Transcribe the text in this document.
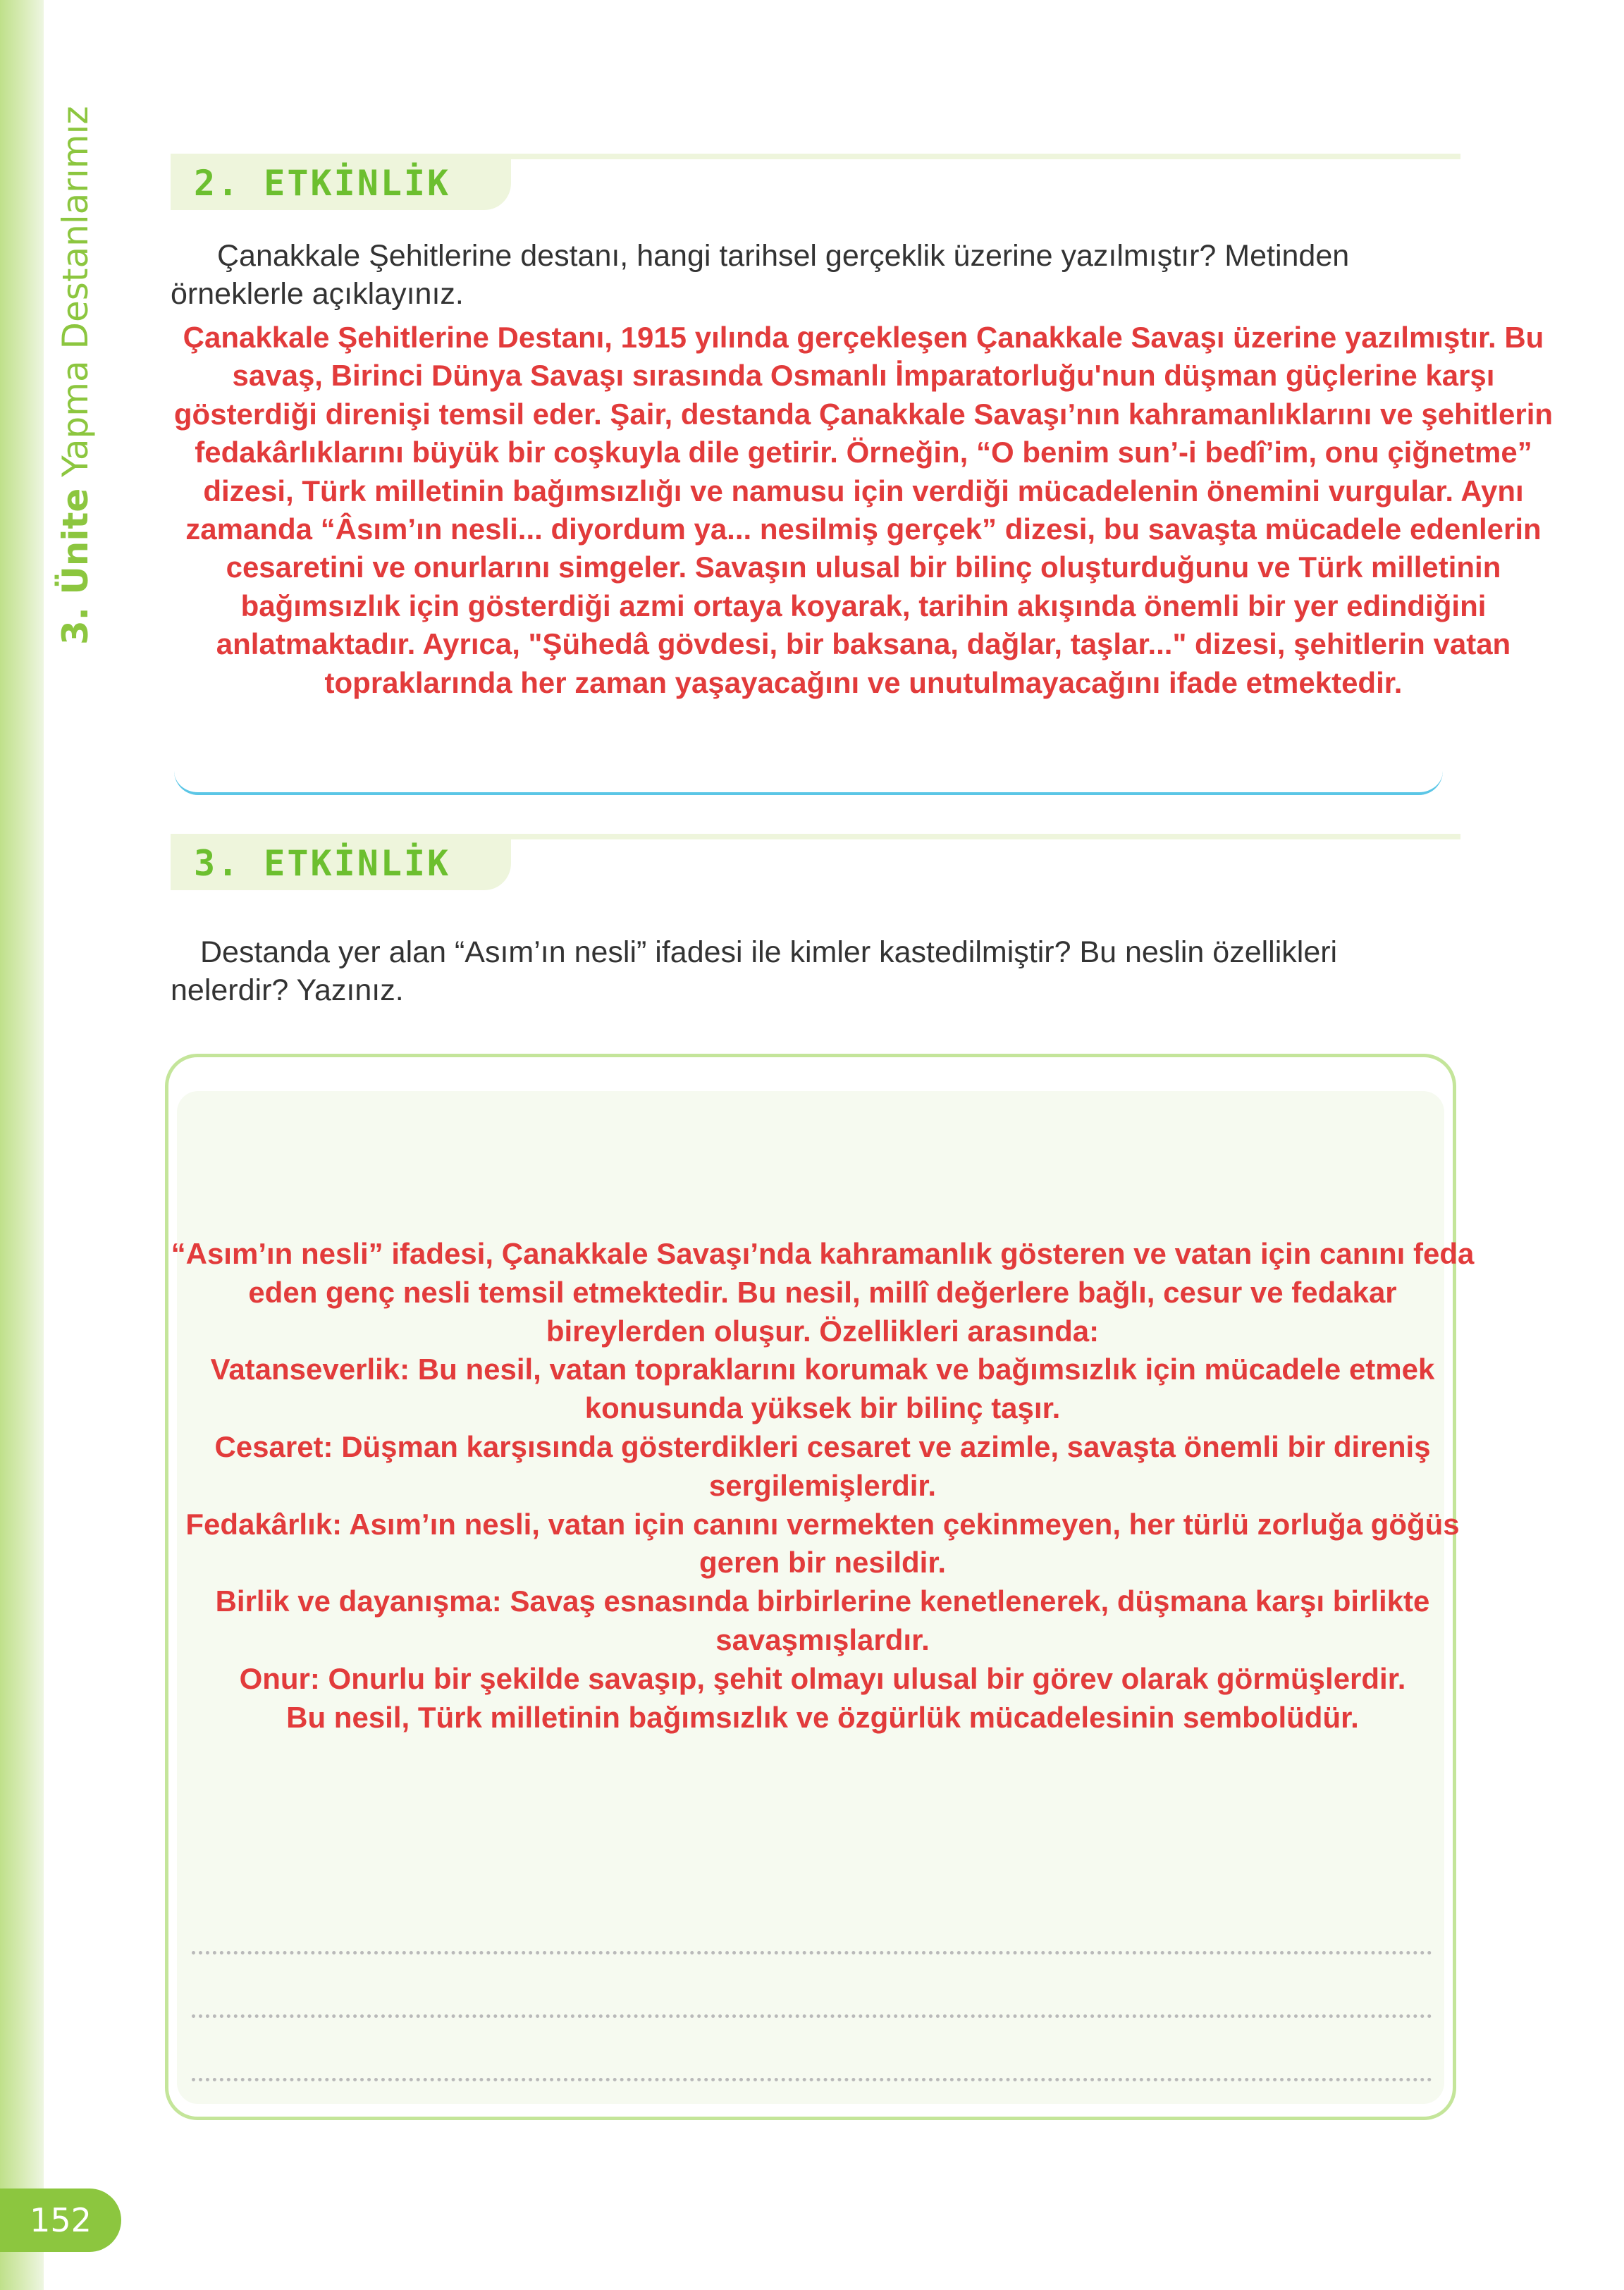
3. Ünite Yapma Destanlarımız
152
2. ETKİNLİK

Çanakkale Şehitlerine destanı, hangi tarihsel gerçeklik üzerine yazılmıştır? Metinden örneklerle açıklayınız.

Çanakkale Şehitlerine Destanı, 1915 yılında gerçekleşen Çanakkale Savaşı üzerine yazılmıştır. Bu savaş, Birinci Dünya Savaşı sırasında Osmanlı İmparatorluğu'nun düşman güçlerine karşı gösterdiği direnişi temsil eder. Şair, destanda Çanakkale Savaşı’nın kahramanlıklarını ve şehitlerin fedakârlıklarını büyük bir coşkuyla dile getirir. Örneğin, “O benim sun’-i bedî’im, onu çiğnetme” dizesi, Türk milletinin bağımsızlığı ve namusu için verdiği mücadelenin önemini vurgular. Aynı zamanda “Âsım’ın nesli... diyordum ya... nesilmiş gerçek” dizesi, bu savaşta mücadele edenlerin cesaretini ve onurlarını simgeler. Savaşın ulusal bir bilinç oluşturduğunu ve Türk milletinin bağımsızlık için gösterdiği azmi ortaya koyarak, tarihin akışında önemli bir yer edindiğini anlatmaktadır. Ayrıca, "Şühedâ gövdesi, bir baksana, dağlar, taşlar..." dizesi, şehitlerin vatan topraklarında her zaman yaşayacağını ve unutulmayacağını ifade etmektedir.

3. ETKİNLİK

Destanda yer alan “Asım’ın nesli” ifadesi ile kimler kastedilmiştir? Bu neslin özellikleri nelerdir? Yazınız.

“Asım’ın nesli” ifadesi, Çanakkale Savaşı’nda kahramanlık gösteren ve vatan için canını feda eden genç nesli temsil etmektedir. Bu nesil, millî değerlere bağlı, cesur ve fedakar bireylerden oluşur. Özellikleri arasında:

Vatanseverlik: Bu nesil, vatan topraklarını korumak ve bağımsızlık için mücadele etmek konusunda yüksek bir bilinç taşır.

Cesaret: Düşman karşısında gösterdikleri cesaret ve azimle, savaşta önemli bir direniş sergilemişlerdir.

Fedakârlık: Asım’ın nesli, vatan için canını vermekten çekinmeyen, her türlü zorluğa göğüs geren bir nesildir.

Birlik ve dayanışma: Savaş esnasında birbirlerine kenetlenerek, düşmana karşı birlikte savaşmışlardır.

Onur: Onurlu bir şekilde savaşıp, şehit olmayı ulusal bir görev olarak görmüşlerdir.

Bu nesil, Türk milletinin bağımsızlık ve özgürlük mücadelesinin sembolüdür.
